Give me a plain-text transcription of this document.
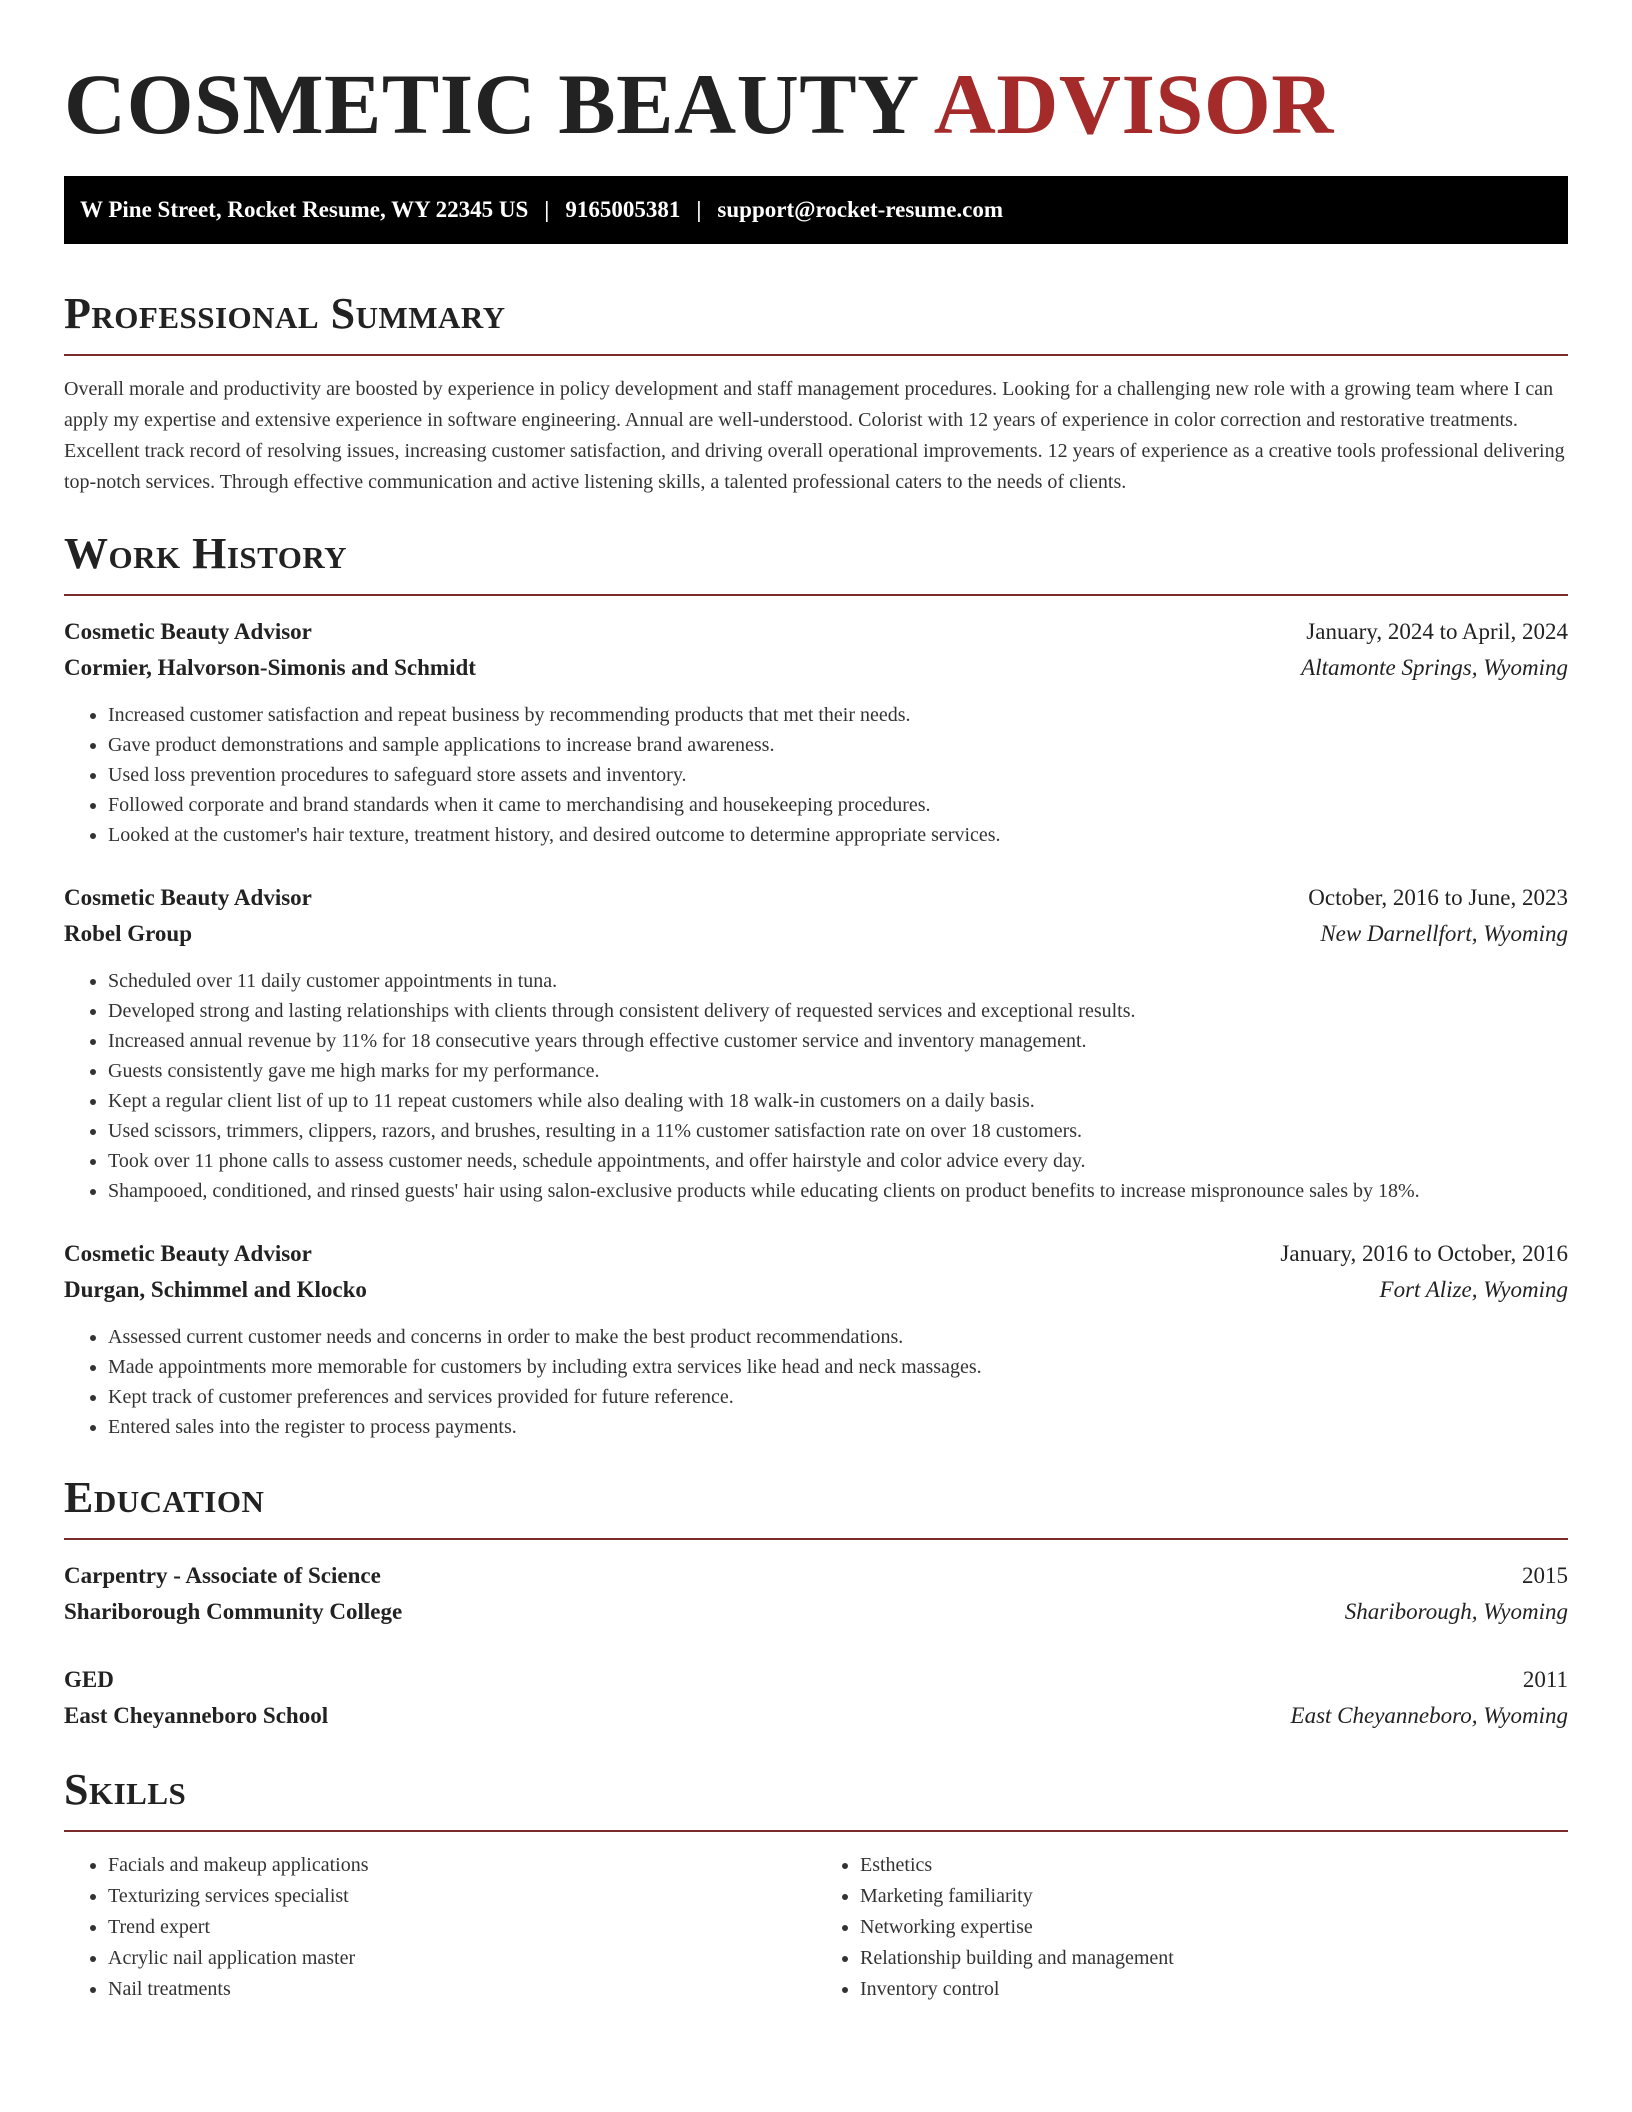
COSMETIC BEAUTY ADVISOR
W Pine Street, Rocket Resume, WY 22345 US | 9165005381 | support@rocket-resume.com
Professional Summary

Overall morale and productivity are boosted by experience in policy development and staff management procedures. Looking for a challenging new role with a growing team where I can apply my expertise and extensive experience in software engineering. Annual are well-understood. Colorist with 12 years of experience in color correction and restorative treatments. Excellent track record of resolving issues, increasing customer satisfaction, and driving overall operational improvements. 12 years of experience as a creative tools professional delivering top-notch services. Through effective communication and active listening skills, a talented professional caters to the needs of clients.

Work History
Cosmetic Beauty Advisor	January, 2024 to April, 2024
Cormier, Halvorson-Simonis and Schmidt	Altamonte Springs, Wyoming
• Increased customer satisfaction and repeat business by recommending products that met their needs.
• Gave product demonstrations and sample applications to increase brand awareness.
• Used loss prevention procedures to safeguard store assets and inventory.
• Followed corporate and brand standards when it came to merchandising and housekeeping procedures.
• Looked at the customer's hair texture, treatment history, and desired outcome to determine appropriate services.
Cosmetic Beauty Advisor	October, 2016 to June, 2023
Robel Group	New Darnellfort, Wyoming
• Scheduled over 11 daily customer appointments in tuna.
• Developed strong and lasting relationships with clients through consistent delivery of requested services and exceptional results.
• Increased annual revenue by 11% for 18 consecutive years through effective customer service and inventory management.
• Guests consistently gave me high marks for my performance.
• Kept a regular client list of up to 11 repeat customers while also dealing with 18 walk-in customers on a daily basis.
• Used scissors, trimmers, clippers, razors, and brushes, resulting in a 11% customer satisfaction rate on over 18 customers.
• Took over 11 phone calls to assess customer needs, schedule appointments, and offer hairstyle and color advice every day.
• Shampooed, conditioned, and rinsed guests' hair using salon-exclusive products while educating clients on product benefits to increase mispronounce sales by 18%.
Cosmetic Beauty Advisor	January, 2016 to October, 2016
Durgan, Schimmel and Klocko	Fort Alize, Wyoming
• Assessed current customer needs and concerns in order to make the best product recommendations.
• Made appointments more memorable for customers by including extra services like head and neck massages.
• Kept track of customer preferences and services provided for future reference.
• Entered sales into the register to process payments.
Education
Carpentry - Associate of Science	2015
Shariborough Community College	Shariborough, Wyoming
GED	2011
East Cheyanneboro School	East Cheyanneboro, Wyoming
Skills
• Facials and makeup applications
• Texturizing services specialist
• Trend expert
• Acrylic nail application master
• Nail treatments
• Esthetics
• Marketing familiarity
• Networking expertise
• Relationship building and management
• Inventory control
